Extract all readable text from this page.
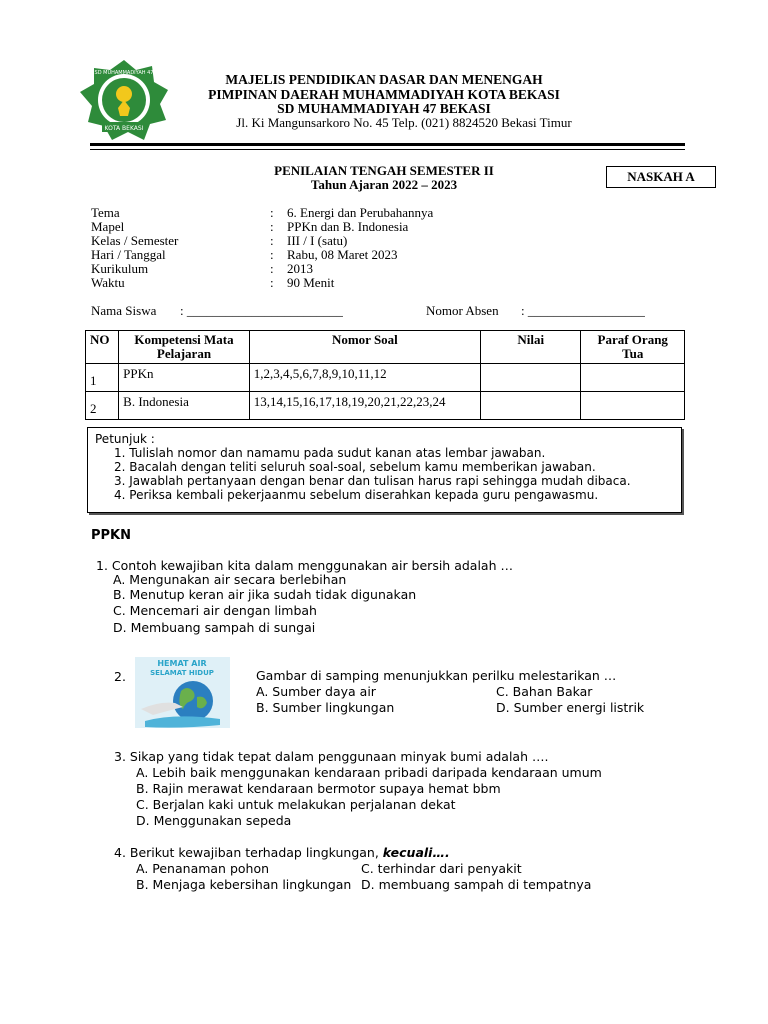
KOTA BEKASI
SD MUHAMMADIYAH 47	MAJELIS PENDIDIKAN DASAR DAN MENENGAH
PIMPINAN DAERAH MUHAMMADIYAH KOTA BEKASI
SD MUHAMMADIYAH 47 BEKASI
Jl. Ki Mangunsarkoro No. 45 Telp. (021) 8824520 Bekasi Timur
PENILAIAN TENGAH SEMESTER II
Tahun Ajaran 2022 – 2023
NASKAH A
Tema	: 6. Energi dan Perubahannya
Mapel	: PPKn dan B. Indonesia
Kelas / Semester	: III / I (satu)
Hari / Tanggal	: Rabu, 08 Maret 2023
Kurikulum	: 2013
Waktu	: 90 Menit
Nama Siswa : ________________________	Nomor Absen : __________________
NO	Kompetensi Mata Pelajaran	Nomor Soal	Nilai	Paraf Orang Tua
1	PPKn	1,2,3,4,5,6,7,8,9,10,11,12		
2	B. Indonesia	13,14,15,16,17,18,19,20,21,22,23,24		
Petunjuk :
1. Tulislah nomor dan namamu pada sudut kanan atas lembar jawaban.
2. Bacalah dengan teliti seluruh soal-soal, sebelum kamu memberikan jawaban.
3. Jawablah pertanyaan dengan benar dan tulisan harus rapi sehingga mudah dibaca.
4. Periksa kembali pekerjaanmu sebelum diserahkan kepada guru pengawasmu.
PPKN
1. Contoh kewajiban kita dalam menggunakan air bersih adalah …
A. Mengunakan air secara berlebihan
B. Menutup keran air jika sudah tidak digunakan
C. Mencemari air dengan limbah
D. Membuang sampah di sungai
2.
HEMAT AIR
SELAMAT HIDUP	Gambar di samping menunjukkan perilku melestarikan …
A. Sumber daya air
B. Sumber lingkungan
C. Bahan Bakar
D. Sumber energi listrik
3. Sikap yang tidak tepat dalam penggunaan minyak bumi adalah ….
A. Lebih baik menggunakan kendaraan pribadi daripada kendaraan umum
B. Rajin merawat kendaraan bermotor supaya hemat bbm
C. Berjalan kaki untuk melakukan perjalanan dekat
D. Menggunakan sepeda
4. Berikut kewajiban terhadap lingkungan, kecuali….
A. Penanaman pohon
B. Menjaga kebersihan lingkungan
C. terhindar dari penyakit
D. membuang sampah di tempatnya
